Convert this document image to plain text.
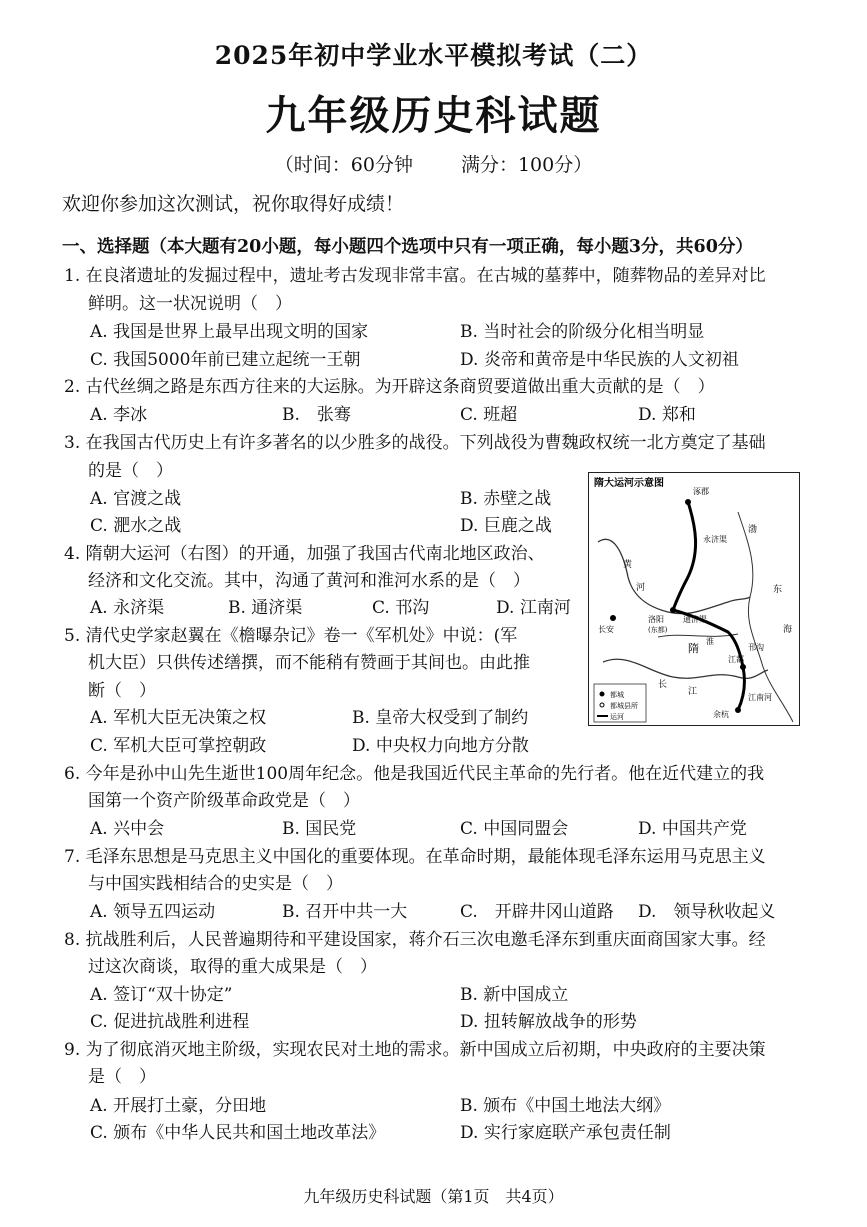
2025年初中学业水平模拟考试（二）
九年级历史科试题
（时间：60分钟	满分：100分）
欢迎你参加这次测试，祝你取得好成绩！
一、选择题（本大题有20小题，每小题四个选项中只有一项正确，每小题3分，共60分）
1. 在良渚遗址的发掘过程中，遗址考古发现非常丰富。在古城的墓葬中，随葬物品的差异对比
鲜明。这一状况说明（　）
A. 我国是世界上最早出现文明的国家	B. 当时社会的阶级分化相当明显
C. 我国5000年前已建立起统一王朝	D. 炎帝和黄帝是中华民族的人文初祖
2. 古代丝绸之路是东西方往来的大运脉。为开辟这条商贸要道做出重大贡献的是（　）
A. 李冰	B.　张骞	C. 班超	D. 郑和
3. 在我国古代历史上有许多著名的以少胜多的战役。下列战役为曹魏政权统一北方奠定了基础
的是（　）
A. 官渡之战	B. 赤壁之战
C. 淝水之战	D. 巨鹿之战
4. 隋朝大运河（右图）的开通，加强了我国古代南北地区政治、
经济和文化交流。其中，沟通了黄河和淮河水系的是（　）
A. 永济渠	B. 通济渠	C. 邗沟	D. 江南河
5. 清代史学家赵翼在《檐曝杂记》卷一《军机处》中说：(军
机大臣）只供传述缮撰，而不能稍有赞画于其间也。由此推
断（　）
A. 军机大臣无决策之权	B. 皇帝大权受到了制约
C. 军机大臣可掌控朝政	D. 中央权力向地方分散
6. 今年是孙中山先生逝世100周年纪念。他是我国近代民主革命的先行者。他在近代建立的我
国第一个资产阶级革命政党是（　）
A. 兴中会	B. 国民党	C. 中国同盟会	D. 中国共产党
7. 毛泽东思想是马克思主义中国化的重要体现。在革命时期，最能体现毛泽东运用马克思主义
与中国实践相结合的史实是（　）
A. 领导五四运动	B. 召开中共一大	C.　开辟井冈山道路 D.　领导秋收起义
8. 抗战胜利后，人民普遍期待和平建设国家，蒋介石三次电邀毛泽东到重庆面商国家大事。经
过这次商谈，取得的重大成果是（　）
A. 签订“双十协定”	B. 新中国成立
C. 促进抗战胜利进程	D. 扭转解放战争的形势
9. 为了彻底消灭地主阶级，实现农民对土地的需求。新中国成立后初期，中央政府的主要决策
是（　）
A. 开展打土豪，分田地	B. 颁布《中国土地法大纲》
C. 颁布《中华人民共和国土地改革法》	D. 实行家庭联产承包责任制
隋大运河示意图
涿郡
永济渠
洛阳
(东都)
长安
通济渠
邗沟
江都
江南河
余杭
隋
黄
河
淮
长
江
渤
东
海
都城
都城县所
运河
九年级历史科试题（第1页　共4页）
